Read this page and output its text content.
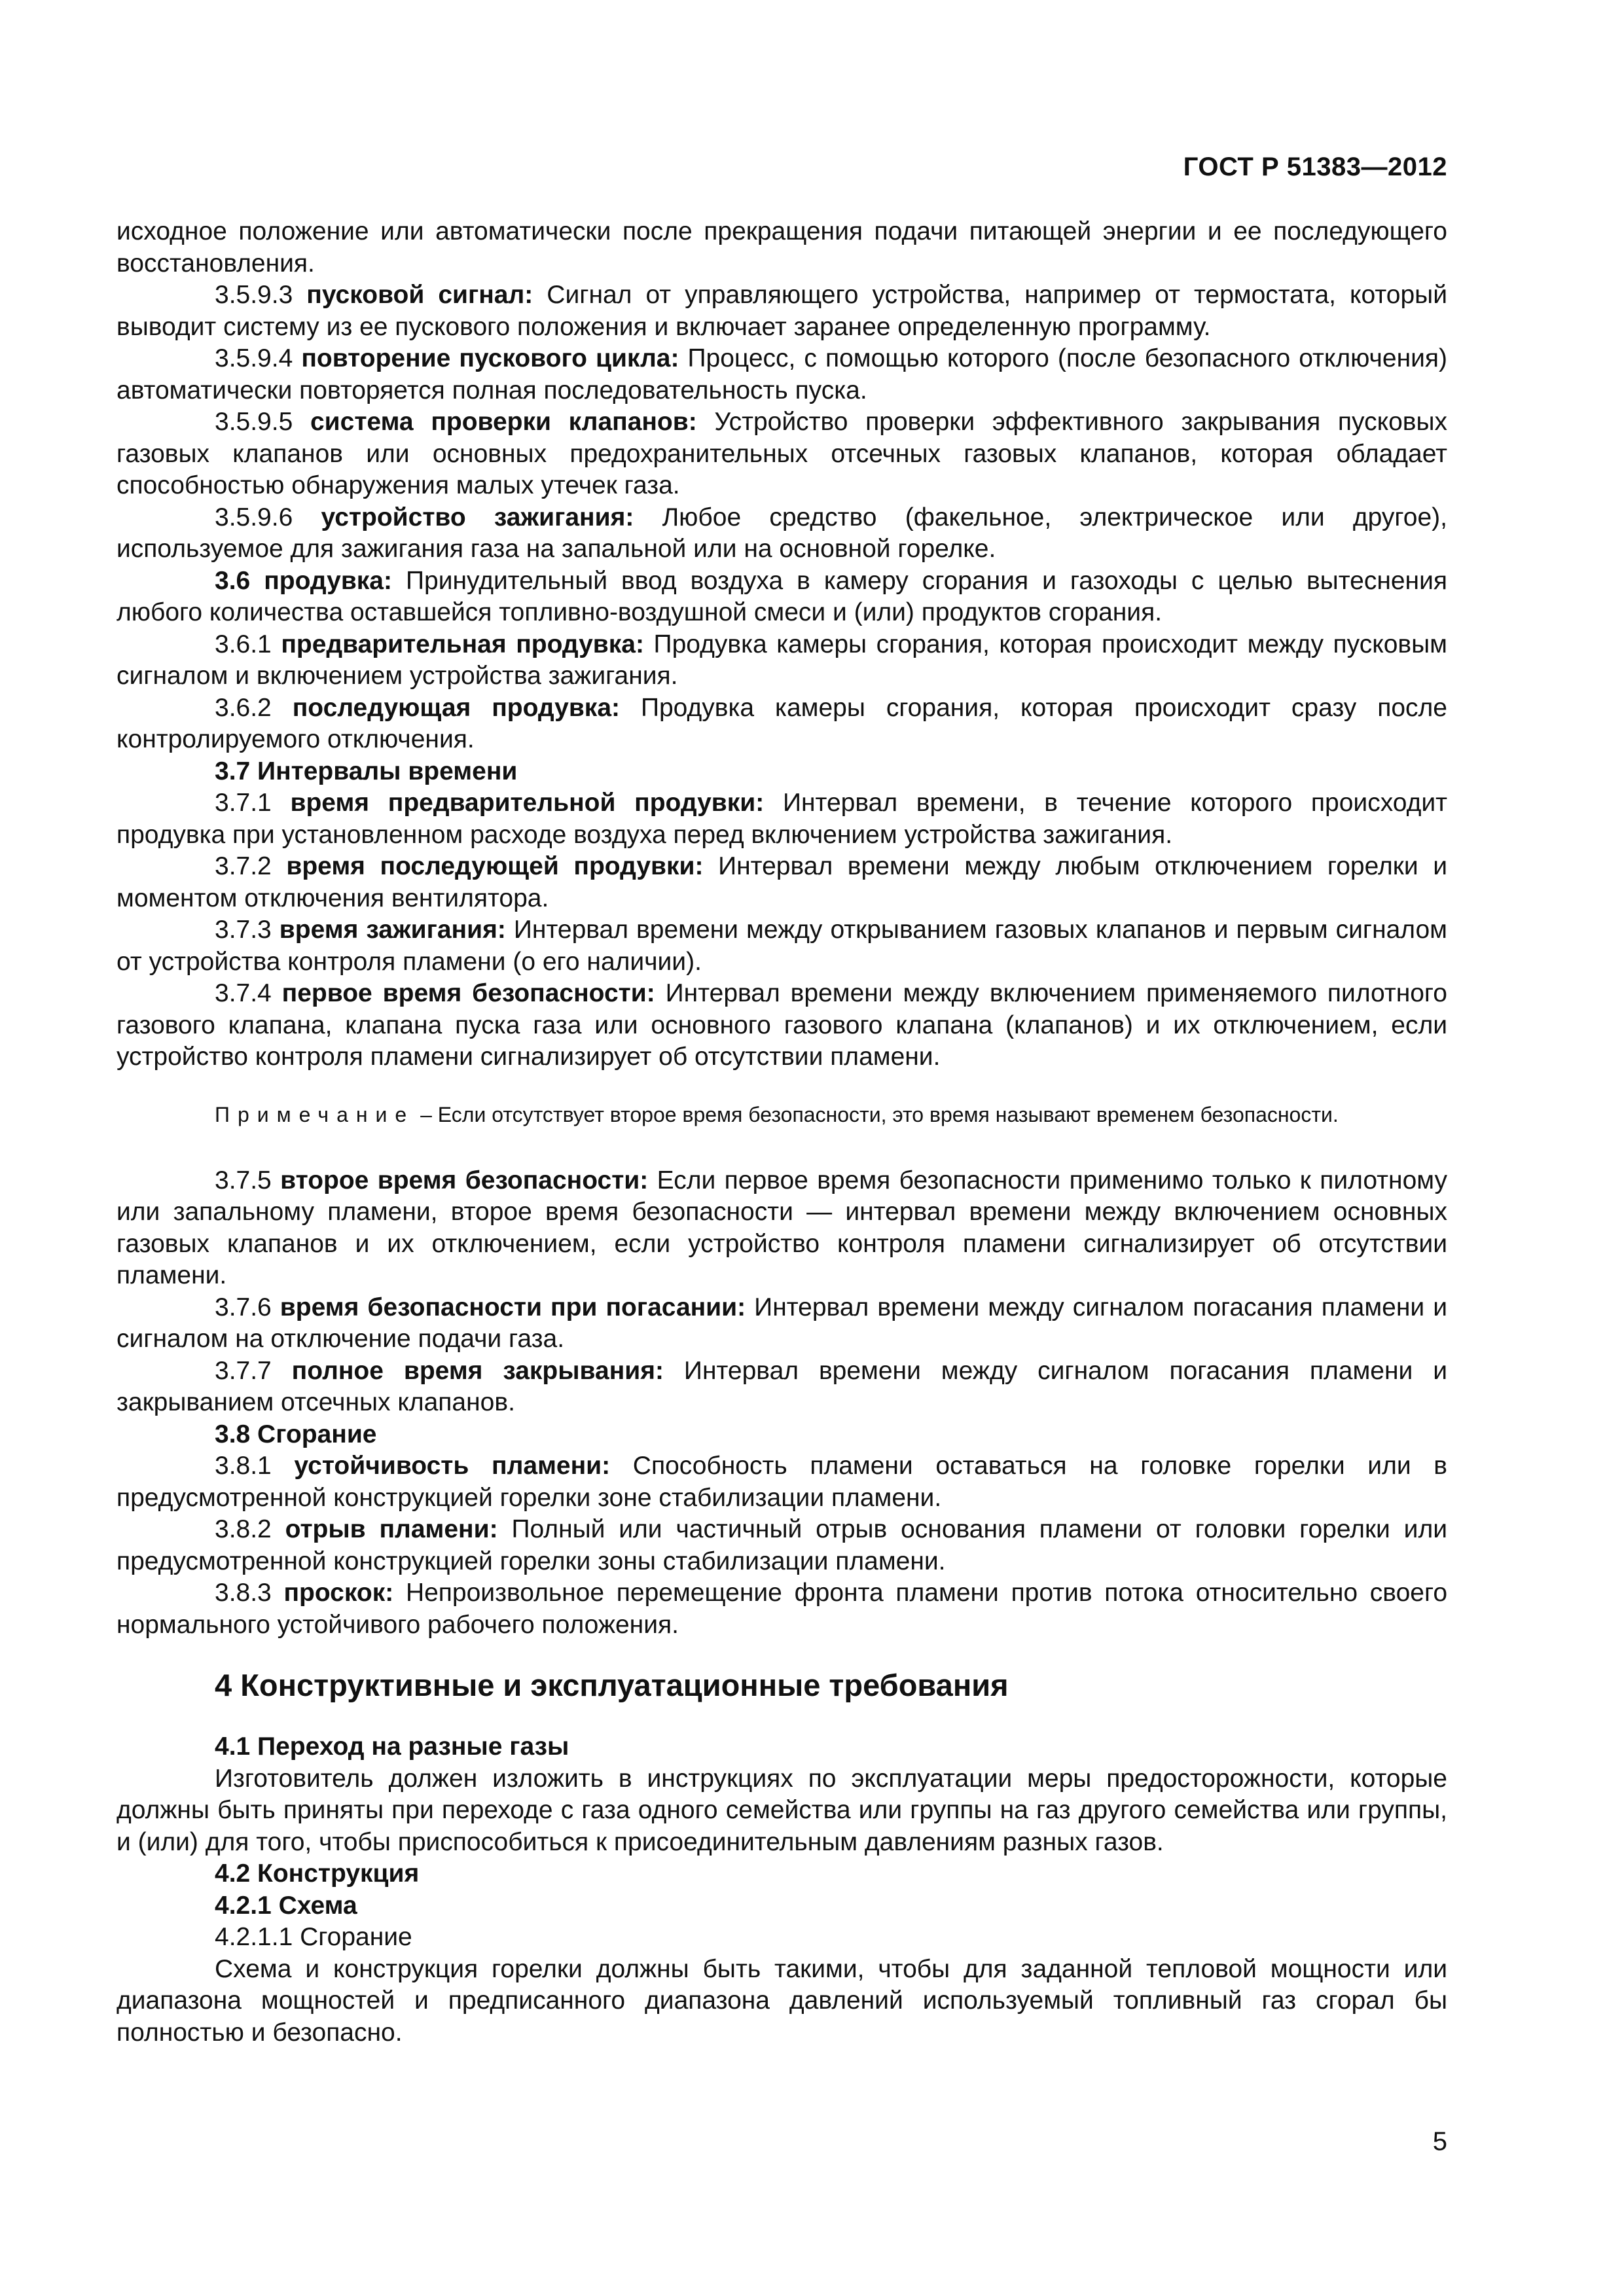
ГОСТ Р 51383—2012

исходное положение или автоматически после прекращения подачи питающей энергии и ее последующего восстановления.

3.5.9.3 пусковой сигнал: Сигнал от управляющего устройства, например от термостата, который выводит систему из ее пускового положения и включает заранее определенную программу.

3.5.9.4 повторение пускового цикла: Процесс, с помощью которого (после безопасного отключения) автоматически повторяется полная последовательность пуска.

3.5.9.5 система проверки клапанов: Устройство проверки эффективного закрывания пусковых газовых клапанов или основных предохранительных отсечных газовых клапанов, которая обладает способностью обнаружения малых утечек газа.

3.5.9.6 устройство зажигания: Любое средство (факельное, электрическое или другое), используемое для зажигания газа на запальной или на основной горелке.

3.6 продувка: Принудительный ввод воздуха в камеру сгорания и газоходы с целью вытеснения любого количества оставшейся топливно-воздушной смеси и (или) продуктов сгорания.

3.6.1 предварительная продувка: Продувка камеры сгорания, которая происходит между пусковым сигналом и включением устройства зажигания.

3.6.2 последующая продувка: Продувка камеры сгорания, которая происходит сразу после контролируемого отключения.

3.7 Интервалы времени

3.7.1 время предварительной продувки: Интервал времени, в течение которого происходит продувка при установленном расходе воздуха перед включением устройства зажигания.

3.7.2 время последующей продувки: Интервал времени между любым отключением горелки и моментом отключения вентилятора.

3.7.3 время зажигания: Интервал времени между открыванием газовых клапанов и первым сигналом от устройства контроля пламени (о его наличии).

3.7.4 первое время безопасности: Интервал времени между включением применяемого пилотного газового клапана, клапана пуска газа или основного газового клапана (клапанов) и их отключением, если устройство контроля пламени сигнализирует об отсутствии пламени.

Примечание – Если отсутствует второе время безопасности, это время называют временем безопасности.

3.7.5 второе время безопасности: Если первое время безопасности применимо только к пилотному или запальному пламени, второе время безопасности — интервал времени между включением основных газовых клапанов и их отключением, если устройство контроля пламени сигнализирует об отсутствии пламени.

3.7.6 время безопасности при погасании: Интервал времени между сигналом погасания пламени и сигналом на отключение подачи газа.

3.7.7 полное время закрывания: Интервал времени между сигналом погасания пламени и закрыванием отсечных клапанов.

3.8 Сгорание

3.8.1 устойчивость пламени: Способность пламени оставаться на головке горелки или в предусмотренной конструкцией горелки зоне стабилизации пламени.

3.8.2 отрыв пламени: Полный или частичный отрыв основания пламени от головки горелки или предусмотренной конструкцией горелки зоны стабилизации пламени.

3.8.3 проскок: Непроизвольное перемещение фронта пламени против потока относительно своего нормального устойчивого рабочего положения.

4 Конструктивные и эксплуатационные требования

4.1 Переход на разные газы

Изготовитель должен изложить в инструкциях по эксплуатации меры предосторожности, которые должны быть приняты при переходе с газа одного семейства или группы на газ другого семейства или группы, и (или) для того, чтобы приспособиться к присоединительным давлениям разных газов.

4.2 Конструкция

4.2.1 Схема

4.2.1.1 Сгорание

Схема и конструкция горелки должны быть такими, чтобы для заданной тепловой мощности или диапазона мощностей и предписанного диапазона давлений используемый топливный газ сгорал бы полностью и безопасно.

5
